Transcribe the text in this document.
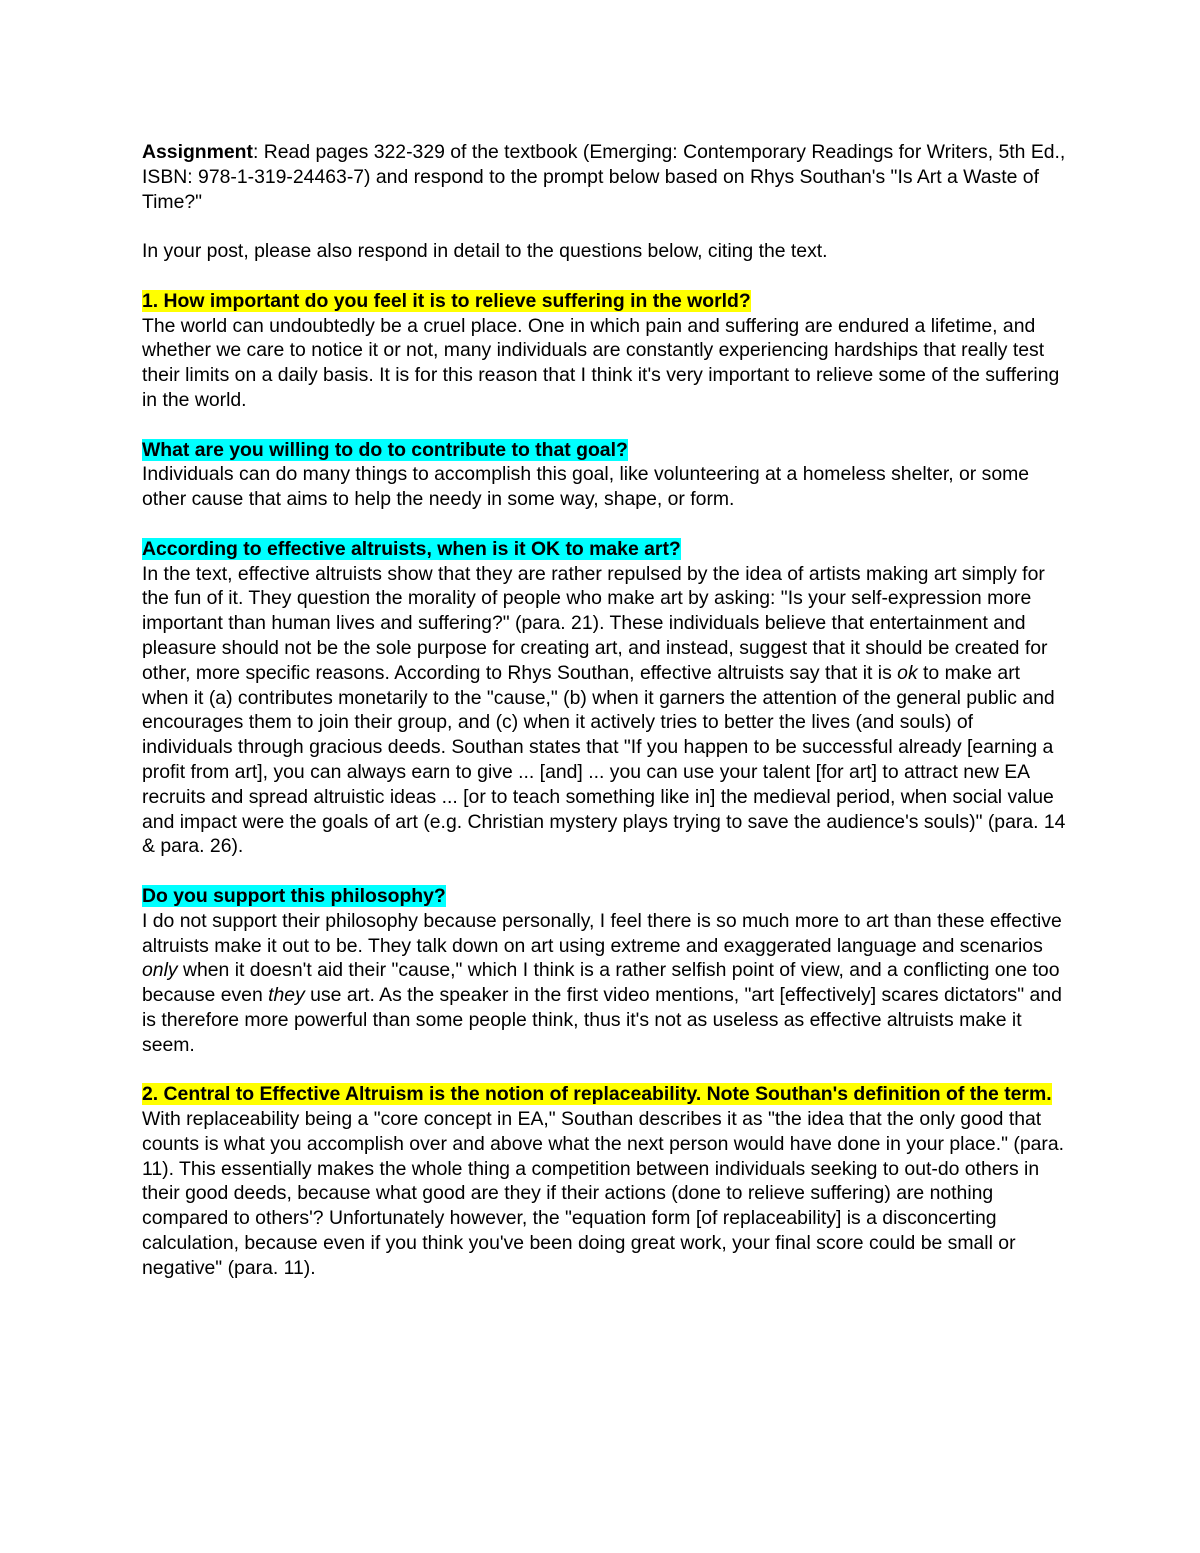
Assignment: Read pages 322-329 of the textbook (Emerging: Contemporary Readings for Writers, 5th Ed., ISBN: 978-1-319-24463-7) and respond to the prompt below based on Rhys Southan's "Is Art a Waste of Time?"

In your post, please also respond in detail to the questions below, citing the text.

1. How important do you feel it is to relieve suffering in the world?

The world can undoubtedly be a cruel place. One in which pain and suffering are endured a lifetime, and whether we care to notice it or not, many individuals are constantly experiencing hardships that really test their limits on a daily basis. It is for this reason that I think it's very important to relieve some of the suffering in the world.

What are you willing to do to contribute to that goal?

Individuals can do many things to accomplish this goal, like volunteering at a homeless shelter, or some other cause that aims to help the needy in some way, shape, or form.

According to effective altruists, when is it OK to make art?

In the text, effective altruists show that they are rather repulsed by the idea of artists making art simply for the fun of it. They question the morality of people who make art by asking: "Is your self-expression more important than human lives and suffering?" (para. 21). These individuals believe that entertainment and pleasure should not be the sole purpose for creating art, and instead, suggest that it should be created for other, more specific reasons. According to Rhys Southan, effective altruists say that it is ok to make art when it (a) contributes monetarily to the "cause," (b) when it garners the attention of the general public and encourages them to join their group, and (c) when it actively tries to better the lives (and souls) of individuals through gracious deeds. Southan states that "If you happen to be successful already [earning a profit from art], you can always earn to give ... [and] ... you can use your talent [for art] to attract new EA recruits and spread altruistic ideas ... [or to teach something like in] the medieval period, when social value and impact were the goals of art (e.g. Christian mystery plays trying to save the audience's souls)" (para. 14 & para. 26).

Do you support this philosophy?

I do not support their philosophy because personally, I feel there is so much more to art than these effective altruists make it out to be. They talk down on art using extreme and exaggerated language and scenarios only when it doesn't aid their "cause," which I think is a rather selfish point of view, and a conflicting one too because even they use art. As the speaker in the first video mentions, "art [effectively] scares dictators" and is therefore more powerful than some people think, thus it's not as useless as effective altruists make it seem.

2. Central to Effective Altruism is the notion of replaceability. Note Southan's definition of the term.

With replaceability being a "core concept in EA," Southan describes it as "the idea that the only good that counts is what you accomplish over and above what the next person would have done in your place." (para. 11). This essentially makes the whole thing a competition between individuals seeking to out-do others in their good deeds, because what good are they if their actions (done to relieve suffering) are nothing compared to others'? Unfortunately however, the "equation form [of replaceability] is a disconcerting calculation, because even if you think you've been doing great work, your final score could be small or negative" (para. 11).
